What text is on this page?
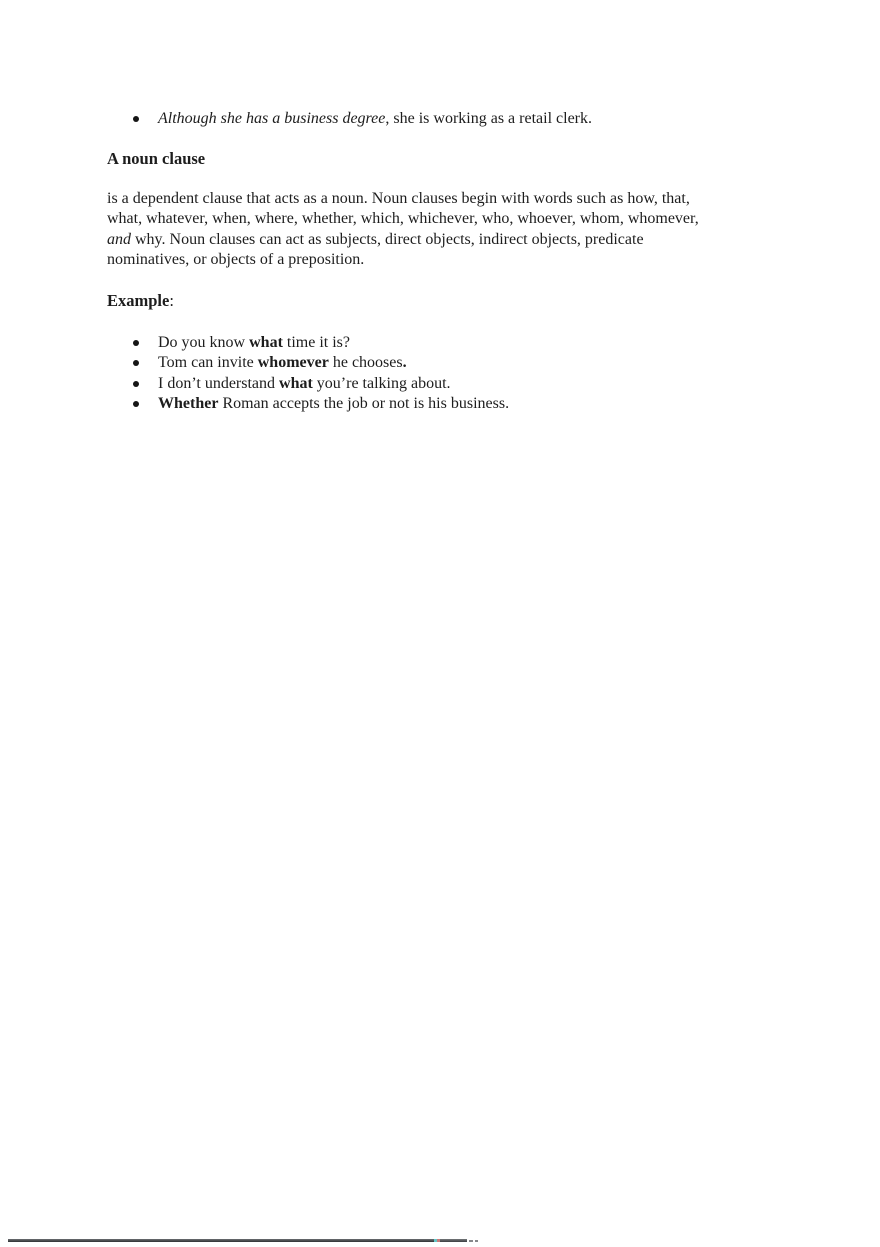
Although she has a business degree, she is working as a retail clerk.
A noun clause
is a dependent clause that acts as a noun. Noun clauses begin with words such as how, that,
what, whatever, when, where, whether, which, whichever, who, whoever, whom, whomever,
and why. Noun clauses can act as subjects, direct objects, indirect objects, predicate
nominatives, or objects of a preposition.
Example:
Do you know what time it is?
Tom can invite whomever he chooses.
I don’t understand what you’re talking about.
Whether Roman accepts the job or not is his business.
